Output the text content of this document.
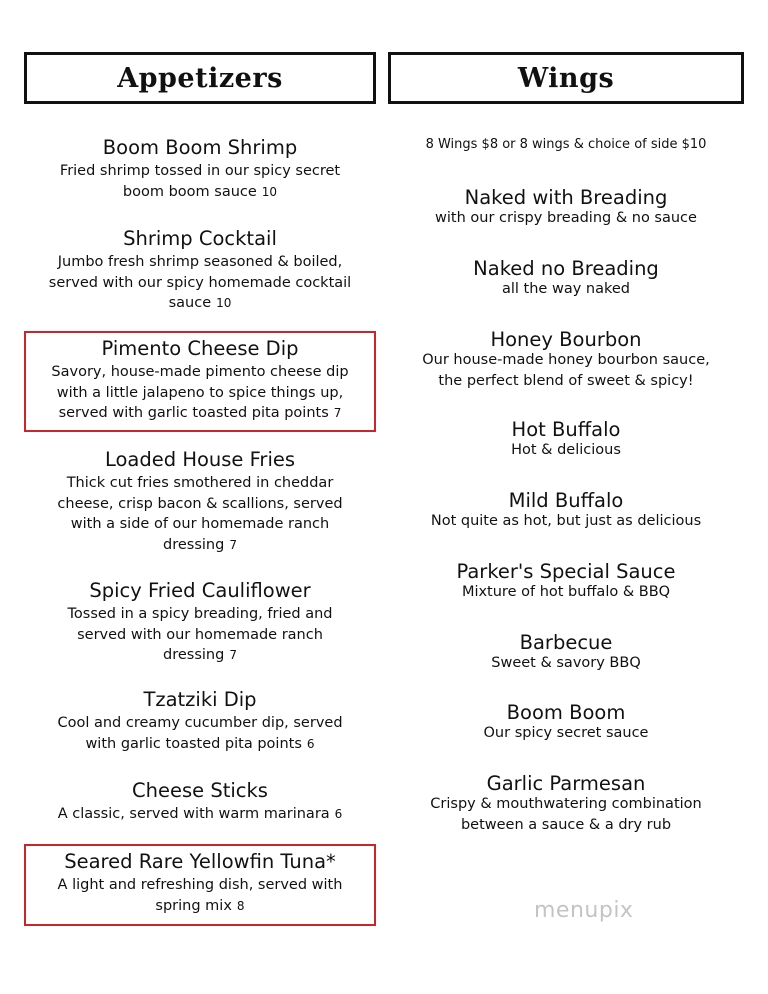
Appetizers
Boom Boom Shrimp
Fried shrimp tossed in our spicy secret
boom boom sauce 10
Shrimp Cocktail
Jumbo fresh shrimp seasoned & boiled,
served with our spicy homemade cocktail
sauce 10
Pimento Cheese Dip
Savory, house-made pimento cheese dip
with a little jalapeno to spice things up,
served with garlic toasted pita points 7
Loaded House Fries
Thick cut fries smothered in cheddar
cheese, crisp bacon & scallions, served
with a side of our homemade ranch
dressing 7
Spicy Fried Cauliflower
Tossed in a spicy breading, fried and
served with our homemade ranch
dressing 7
Tzatziki Dip
Cool and creamy cucumber dip, served
with garlic toasted pita points 6
Cheese Sticks
A classic, served with warm marinara 6
Seared Rare Yellowfin Tuna*
A light and refreshing dish, served with
spring mix 8
Wings
8 Wings $8 or 8 wings & choice of side $10
Naked with Breading
with our crispy breading & no sauce
Naked no Breading
all the way naked
Honey Bourbon
Our house-made honey bourbon sauce,
the perfect blend of sweet & spicy!
Hot Buffalo
Hot & delicious
Mild Buffalo
Not quite as hot, but just as delicious
Parker's Special Sauce
Mixture of hot buffalo & BBQ
Barbecue
Sweet & savory BBQ
Boom Boom
Our spicy secret sauce
Garlic Parmesan
Crispy & mouthwatering combination
between a sauce & a dry rub
menupix
